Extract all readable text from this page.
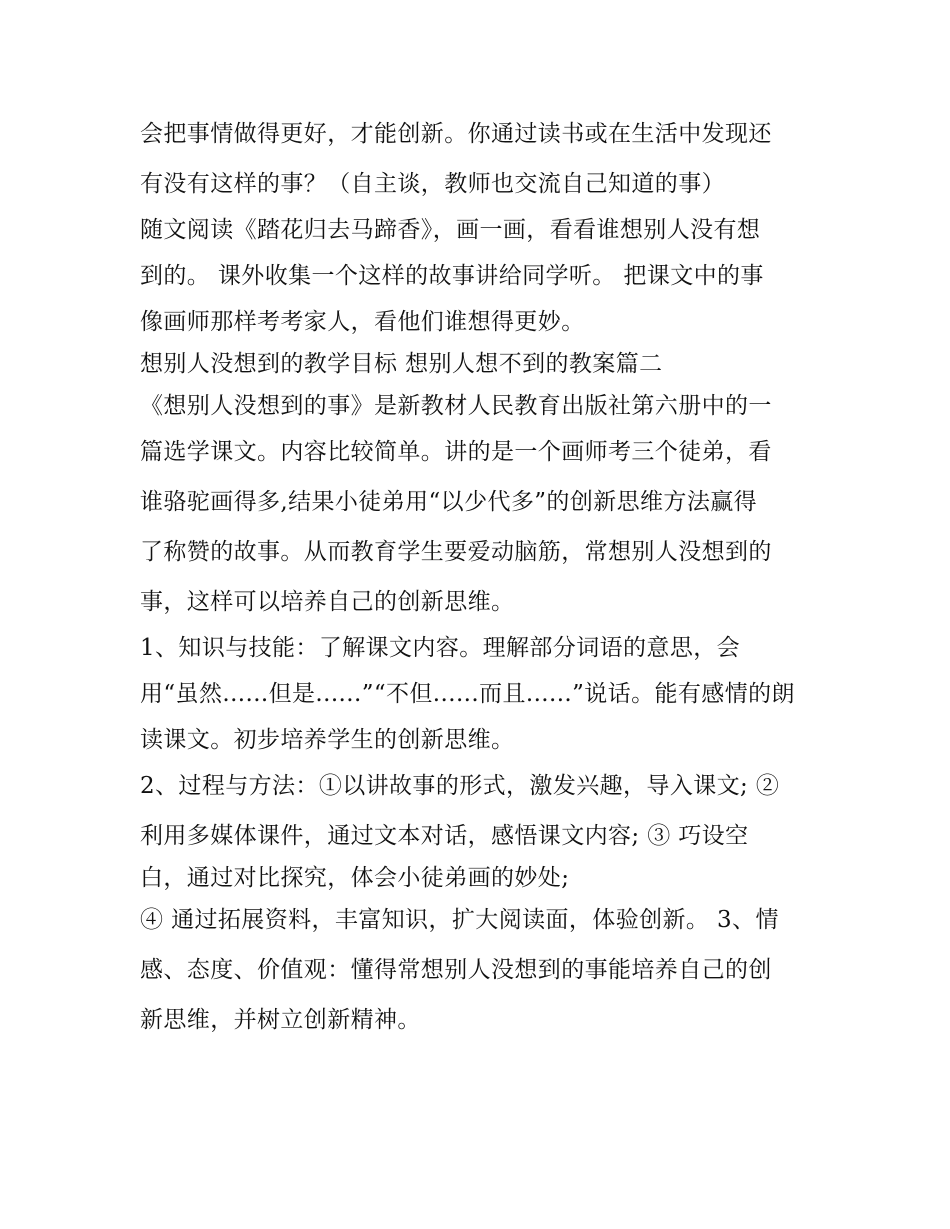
会把事情做得更好，才能创新。你通过读书或在生活中发现还
有没有这样的事？（自主谈，教师也交流自己知道的事）
随文阅读《踏花归去马蹄香》，画一画，看看谁想别人没有想
到的。 课外收集一个这样的故事讲给同学听。 把课文中的事
像画师那样考考家人，看他们谁想得更妙。
想别人没想到的教学目标 想别人想不到的教案篇二
《想别人没想到的事》是新教材人民教育出版社第六册中的一
篇选学课文。内容比较简单。讲的是一个画师考三个徒弟，看
谁骆驼画得多,结果小徒弟用“以少代多”的创新思维方法赢得
了称赞的故事。从而教育学生要爱动脑筋，常想别人没想到的
事，这样可以培养自己的创新思维。
1、知识与技能：了解课文内容。理解部分词语的意思，会
用“虽然......但是......”“不但......而且......”说话。能有感情的朗
读课文。初步培养学生的创新思维。
2、过程与方法：①以讲故事的形式，激发兴趣，导入课文; ②
利用多媒体课件，通过文本对话，感悟课文内容; ③ 巧设空
白，通过对比探究，体会小徒弟画的妙处;
④ 通过拓展资料，丰富知识，扩大阅读面，体验创新。 3、情
感、态度、价值观：懂得常想别人没想到的事能培养自己的创
新思维，并树立创新精神。
